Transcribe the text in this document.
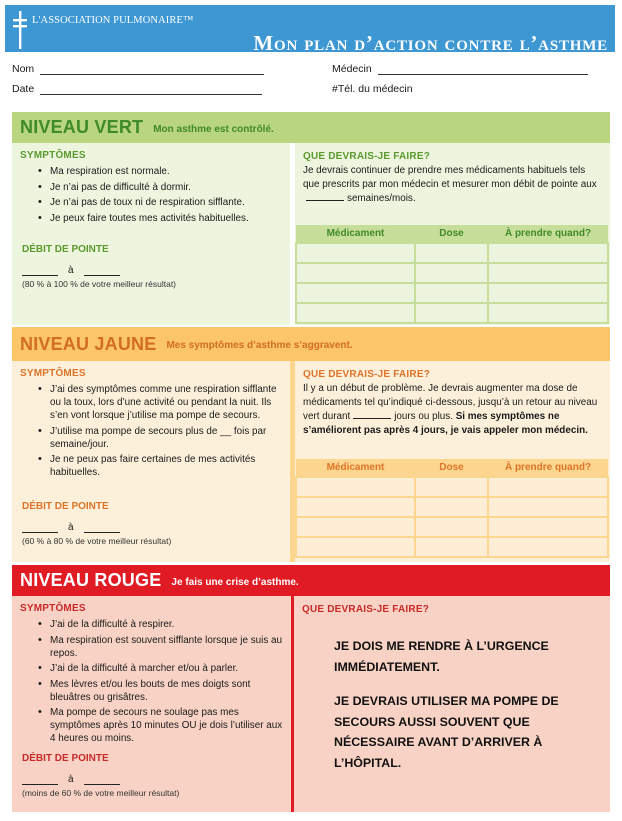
L'ASSOCIATION PULMONAIRE™
Mon plan d’action contre l’asthme
Nom
Date
Médecin
#Tél. du médecin
NIVEAU VERT Mon asthme est contrôlé.
SYMPTÔMES
• Ma respiration est normale.
• Je n’ai pas de difficulté à dormir.
• Je n’ai pas de toux ni de respiration sifflante.
• Je peux faire toutes mes activités habituelles.
DÉBIT DE POINTE
à
(80 % à 100 % de votre meilleur résultat)
QUE DEVRAIS-JE FAIRE?

Je devrais continuer de prendre mes médicaments habituels tels que prescrits par mon médecin et mesurer mon débit de pointe auxsemaines/mois.

Médicament	Dose	À prendre quand?

NIVEAU JAUNE Mes symptômes d’asthme s’aggravent.
SYMPTÔMES
• J’ai des symptômes comme une respiration sifflante ou la toux, lors d’une activité ou pendant la nuit. Ils s’en vont lorsque j’utilise ma pompe de secours.
• J’utilise ma pompe de secours plus de __ fois par semaine/jour.
• Je ne peux pas faire certaines de mes activités habituelles.
DÉBIT DE POINTE
à
(60 % à 80 % de votre meilleur résultat)
QUE DEVRAIS-JE FAIRE?

Il y a un début de problème. Je devrais augmenter ma dose de médicaments tel qu’indiqué ci-dessous, jusqu’à un retour au niveau vert durant	jours ou plus. Si mes symptômes ne s’améliorent pas après 4 jours, je vais appeler mon médecin.

Médicament	Dose	À prendre quand?

NIVEAU ROUGE Je fais une crise d’asthme.
SYMPTÔMES
• J’ai de la difficulté à respirer.
• Ma respiration est souvent sifflante lorsque je suis au repos.
• J’ai de la difficulté à marcher et/ou à parler.
• Mes lèvres et/ou les bouts de mes doigts sont bleuâtres ou grisâtres.
• Ma pompe de secours ne soulage pas mes symptômes après 10 minutes OU je dois l’utiliser aux 4 heures ou moins.
DÉBIT DE POINTE
à
(moins de 60 % de votre meilleur résultat)
QUE DEVRAIS-JE FAIRE?
JE DOIS ME RENDRE À L’URGENCE IMMÉDIATEMENT.
JE DEVRAIS UTILISER MA POMPE DE SECOURS AUSSI SOUVENT QUE NÉCESSAIRE AVANT D’ARRIVER À L’HÔPITAL.
